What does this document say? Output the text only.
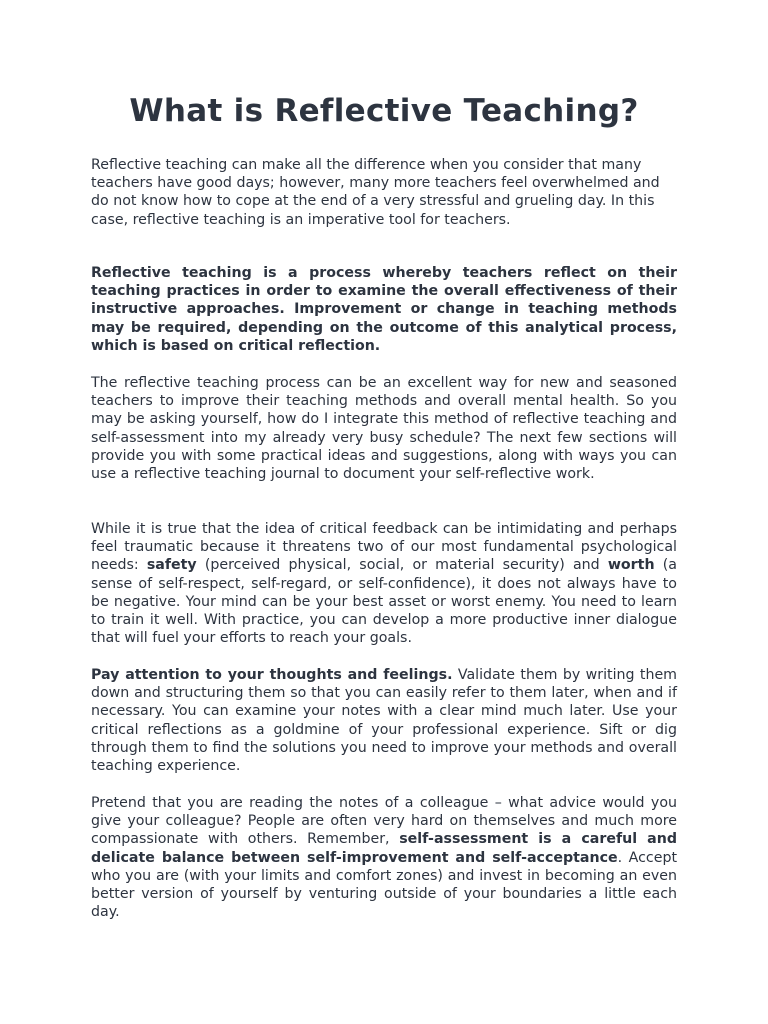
What is Reflective Teaching?

Reflective teaching can make all the difference when you consider that many teachers have good days; however, many more teachers feel overwhelmed and do not know how to cope at the end of a very stressful and grueling day. In this case, reflective teaching is an imperative tool for teachers.

Reflective teaching is a process whereby teachers reflect on their teaching practices in order to examine the overall effectiveness of their instructive approaches. Improvement or change in teaching methods may be required, depending on the outcome of this analytical process, which is based on critical reflection.

The reflective teaching process can be an excellent way for new and seasoned teachers to improve their teaching methods and overall mental health. So you may be asking yourself, how do I integrate this method of reflective teaching and self-assessment into my already very busy schedule? The next few sections will provide you with some practical ideas and suggestions, along with ways you can use a reflective teaching journal to document your self-reflective work.

While it is true that the idea of critical feedback can be intimidating and perhaps feel traumatic because it threatens two of our most fundamental psychological needs: safety (perceived physical, social, or material security) and worth (a sense of self-respect, self-regard, or self-confidence), it does not always have to be negative. Your mind can be your best asset or worst enemy. You need to learn to train it well. With practice, you can develop a more productive inner dialogue that will fuel your efforts to reach your goals.

Pay attention to your thoughts and feelings. Validate them by writing them down and structuring them so that you can easily refer to them later, when and if necessary. You can examine your notes with a clear mind much later. Use your critical reflections as a goldmine of your professional experience. Sift or dig through them to find the solutions you need to improve your methods and overall teaching experience.

Pretend that you are reading the notes of a colleague – what advice would you give your colleague? People are often very hard on themselves and much more compassionate with others. Remember, self-assessment is a careful and delicate balance between self-improvement and self-acceptance. Accept who you are (with your limits and comfort zones) and invest in becoming an even better version of yourself by venturing outside of your boundaries a little each day.
